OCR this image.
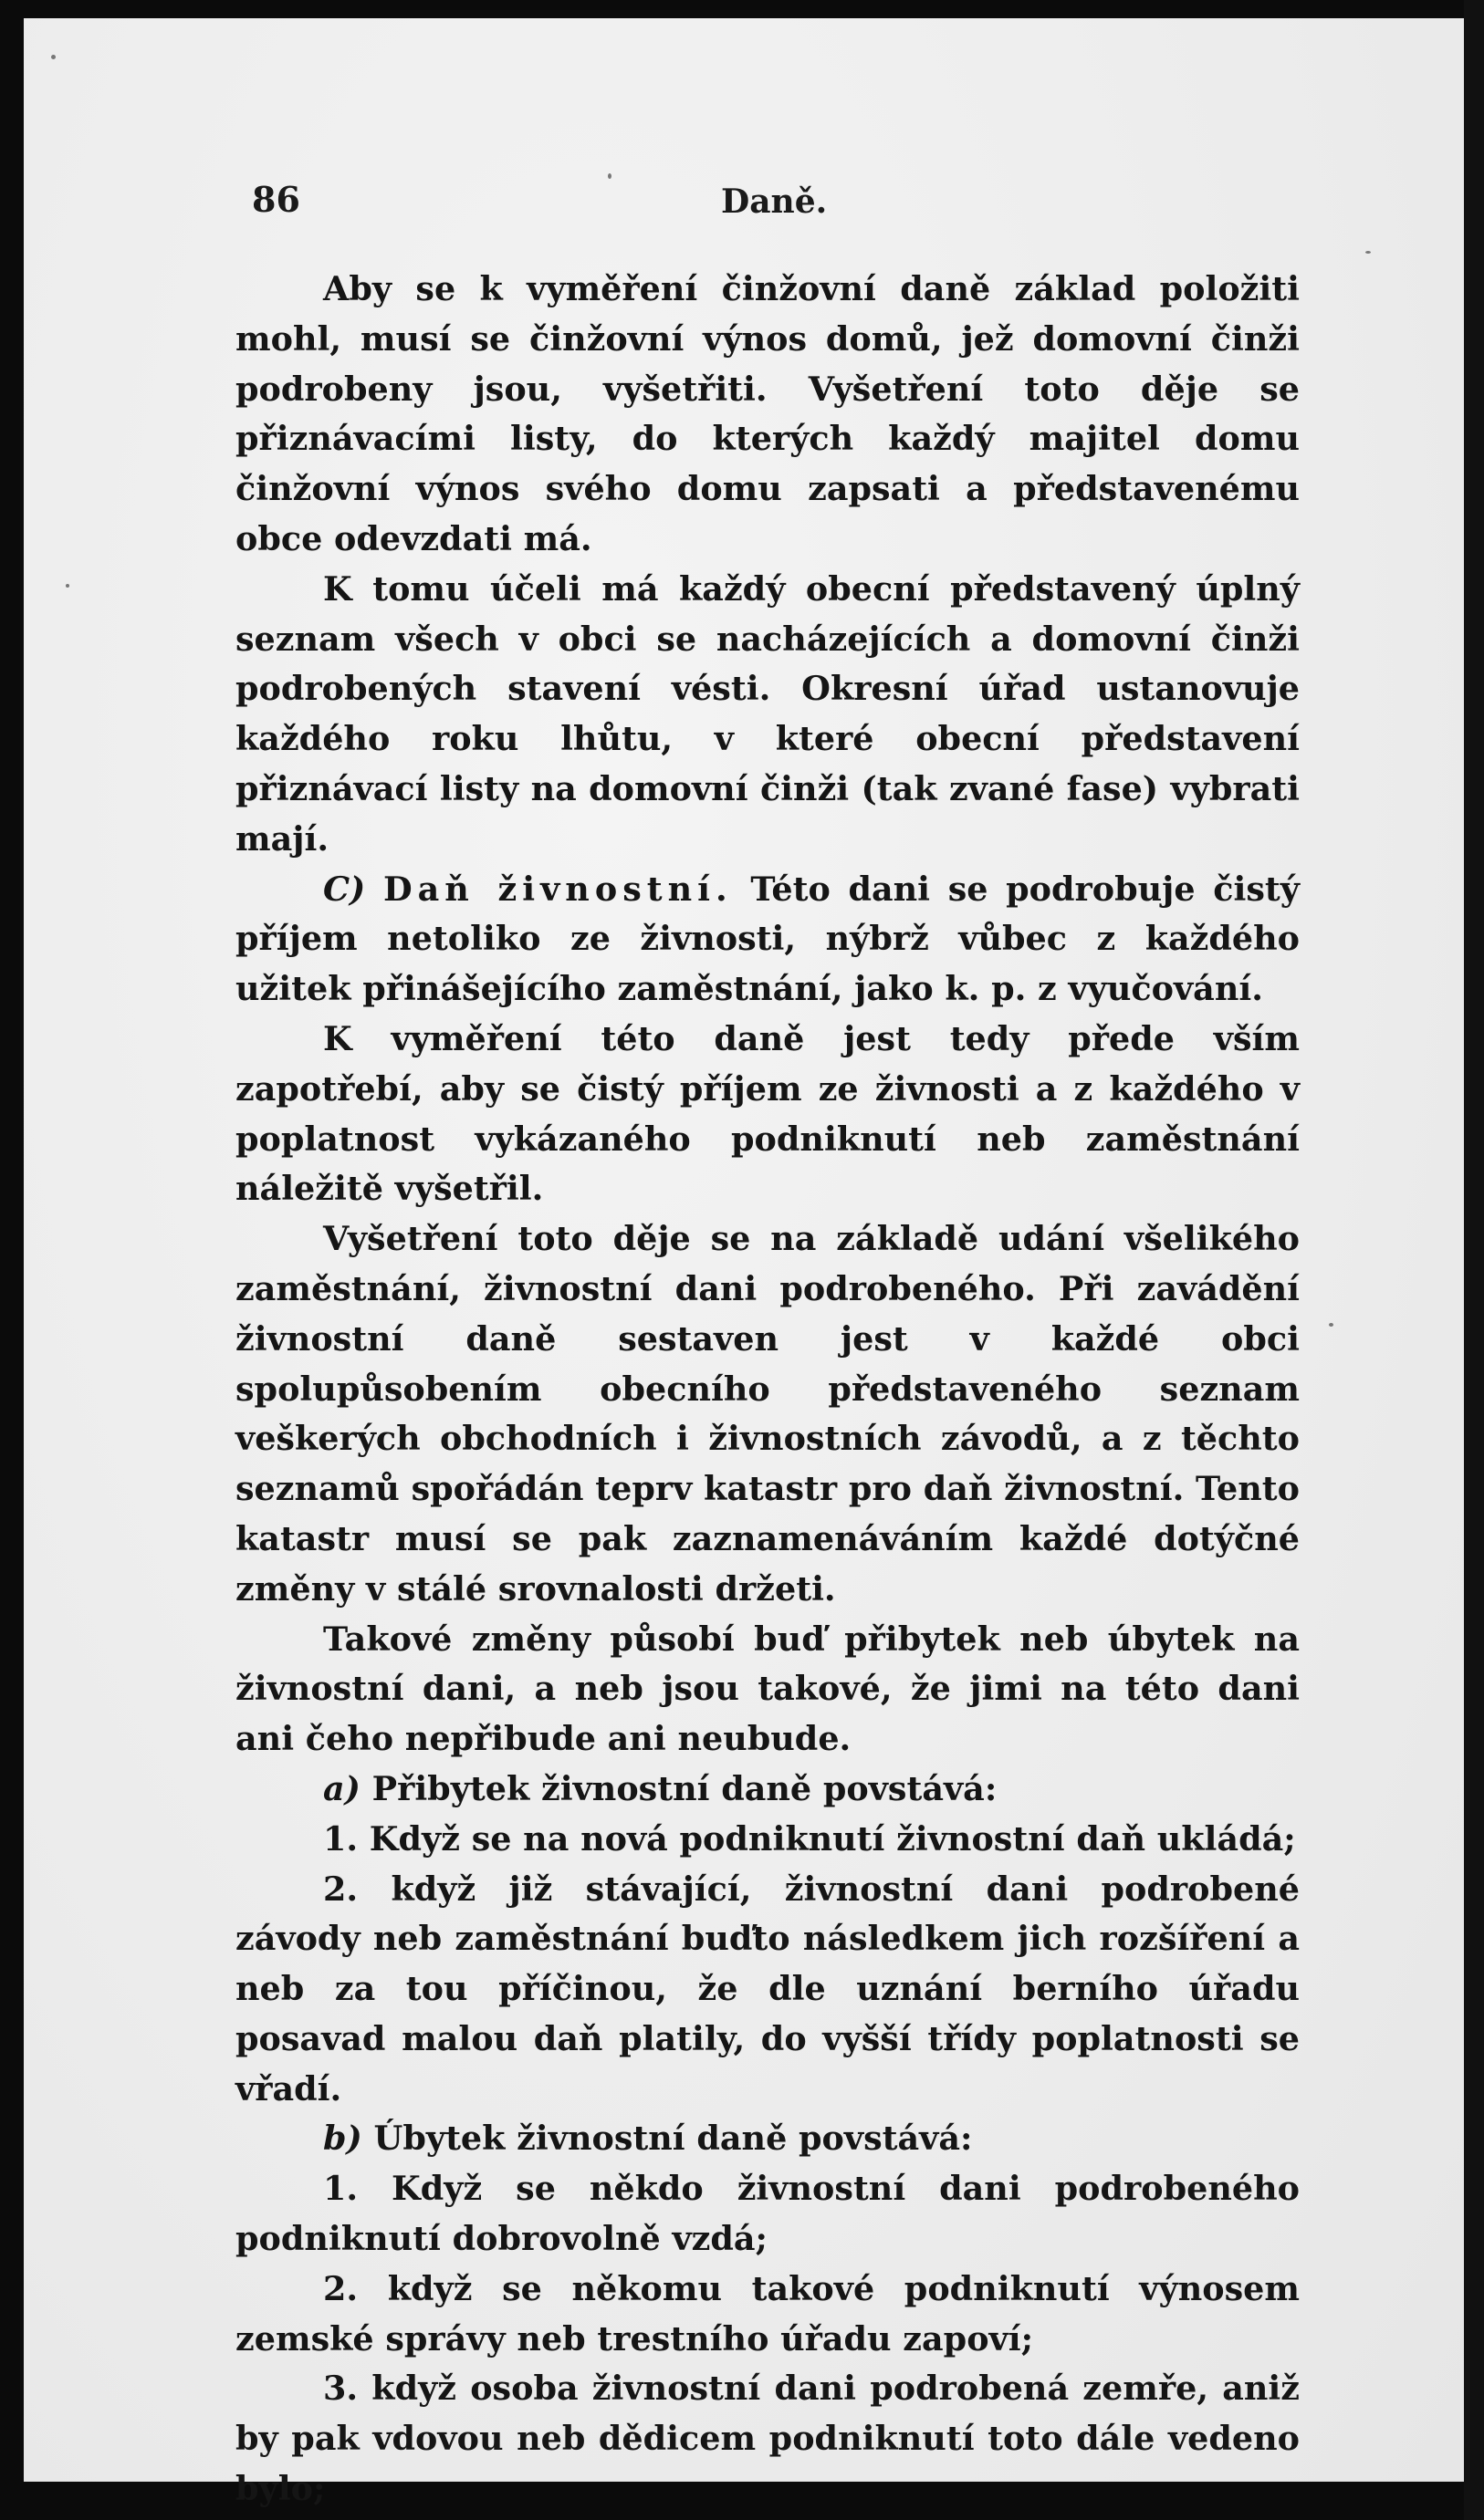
86	Daně.

Aby se k vyměření činžovní daně základ položiti mohl, musí se činžovní výnos domů, jež domovní činži podrobeny jsou, vyšetřiti. Vyšetření toto děje se přiznávacími listy, do kterých každý majitel domu činžovní výnos svého domu zapsati a představenému obce odevzdati má.

K tomu účeli má každý obecní představený úplný seznam všech v obci se nacházejících a domovní činži podrobených stavení vésti. Okresní úřad ustanovuje každého roku lhůtu, v které obecní představení přiznávací listy na domovní činži (tak zvané fase) vybrati mají.

C) Daň živnostní. Této dani se podrobuje čistý příjem netoliko ze živnosti, nýbrž vůbec z každého užitek přinášejícího zaměstnání, jako k. p. z vyučování.

K vyměření této daně jest tedy přede vším zapotřebí, aby se čistý příjem ze živnosti a z každého v poplatnost vykázaného podniknutí neb zaměstnání náležitě vyšetřil.

Vyšetření toto děje se na základě udání všelikého zaměstnání, živnostní dani podrobeného. Při zavádění živnostní daně sestaven jest v každé obci spolupůsobením obecního představeného seznam veškerých obchodních i živnostních závodů, a z těchto seznamů spořádán teprv katastr pro daň živnostní. Tento katastr musí se pak zaznamenáváním každé dotýčné změny v stálé srovnalosti držeti.

Takové změny působí buď přibytek neb úbytek na živnostní dani, a neb jsou takové, že jimi na této dani ani čeho nepřibude ani neubude.

a) Přibytek živnostní daně povstává:

1. Když se na nová podniknutí živnostní daň ukládá;

2. když již stávající, živnostní dani podrobené závody neb zaměstnání buďto následkem jich rozšíření a neb za tou příčinou, že dle uznání berního úřadu posavad malou daň platily, do vyšší třídy poplatnosti se vřadí.

b) Úbytek živnostní daně povstává:

1. Když se někdo živnostní dani podrobeného podniknutí dobrovolně vzdá;

2. když se někomu takové podniknutí výnosem zemské správy neb trestního úřadu zapoví;

3. když osoba živnostní dani podrobená zemře, aniž by pak vdovou neb dědicem podniknutí toto dále vedeno bylo;
